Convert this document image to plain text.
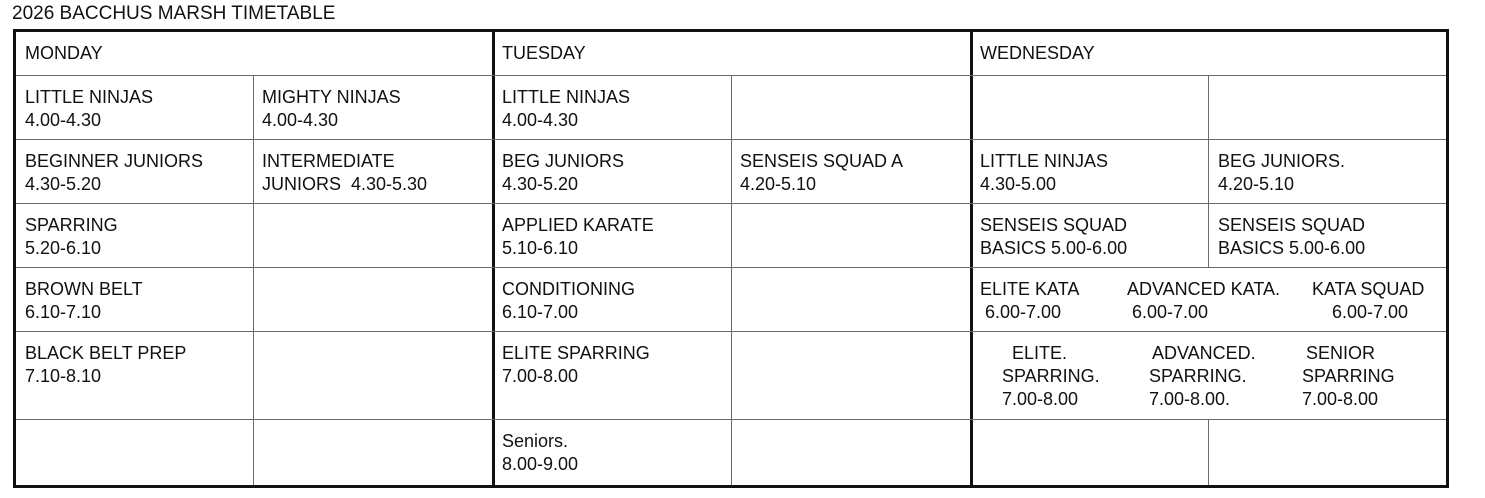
2026 BACCHUS MARSH TIMETABLE
MONDAY	TUESDAY	WEDNESDAY
LITTLE NINJAS
4.00-4.30
MIGHTY NINJAS
4.00-4.30
BEGINNER JUNIORS
4.30-5.20
INTERMEDIATE
JUNIORS  4.30-5.30
SPARRING
5.20-6.10
BROWN BELT
6.10-7.10
BLACK BELT PREP
7.10-8.10
LITTLE NINJAS
4.00-4.30
BEG JUNIORS
4.30-5.20
SENSEIS SQUAD A
4.20-5.10
APPLIED KARATE
5.10-6.10
CONDITIONING
6.10-7.00
ELITE SPARRING
7.00-8.00
Seniors.
8.00-9.00
LITTLE NINJAS
4.30-5.00
BEG JUNIORS.
4.20-5.10
SENSEIS SQUAD
BASICS 5.00-6.00
SENSEIS SQUAD
BASICS 5.00-6.00
ELITE KATA
6.00-7.00
ADVANCED KATA.
6.00-7.00
KATA SQUAD
6.00-7.00
ELITE.
SPARRING.
7.00-8.00
ADVANCED.
SPARRING.
7.00-8.00.
SENIOR
SPARRING
7.00-8.00
